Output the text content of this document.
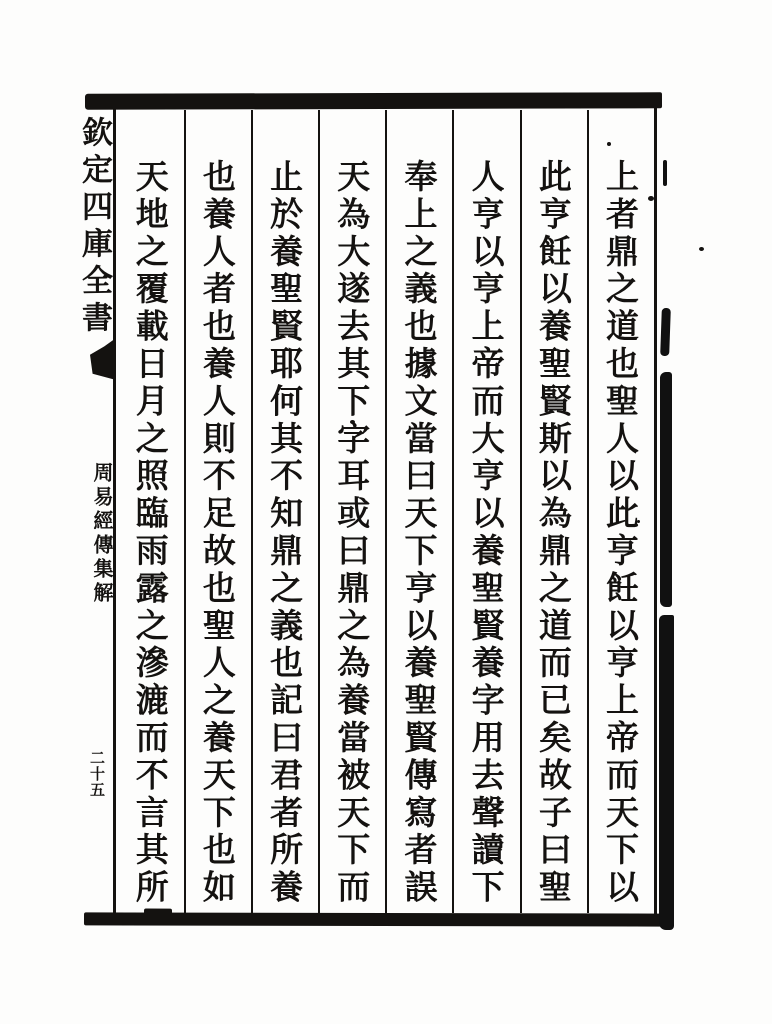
上者鼎之道也聖人以此亨飪以亨上帝而天下以
此亨飪以養聖賢斯以為鼎之道而已矣故子曰聖
人亨以亨上帝而大亨以養聖賢養字用去聲讀下
奉上之義也據文當曰天下亨以養聖賢傳寫者誤
天為大遂去其下字耳或曰鼎之為養當被天下而
止於養聖賢耶何其不知鼎之義也記曰君者所養
也養人者也養人則不足故也聖人之養天下也如
天地之覆載日月之照臨雨露之滲漉而不言其所
欽定四庫全書
周易經傳集解
二十五
